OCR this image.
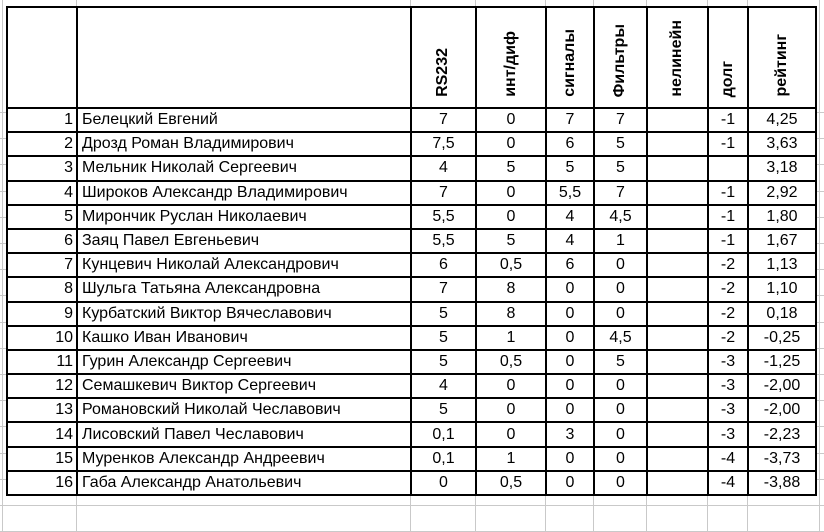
		RS232	инт/диф	сигналы	Фильтры	нелинейн	долг	рейтинг
1	Белецкий Евгений	7	0	7	7		-1	4,25
2	Дрозд Роман Владимирович	7,5	0	6	5		-1	3,63
3	Мельник Николай Сергеевич	4	5	5	5			3,18
4	Широков Александр Владимирович	7	0	5,5	7		-1	2,92
5	Мирончик Руслан Николаевич	5,5	0	4	4,5		-1	1,80
6	Заяц Павел Евгеньевич	5,5	5	4	1		-1	1,67
7	Кунцевич Николай Александрович	6	0,5	6	0		-2	1,13
8	Шульга Татьяна Александровна	7	8	0	0		-2	1,10
9	Курбатский Виктор Вячеславович	5	8	0	0		-2	0,18
10	Кашко Иван Иванович	5	1	0	4,5		-2	-0,25
11	Гурин Александр Сергеевич	5	0,5	0	5		-3	-1,25
12	Семашкевич Виктор Сергеевич	4	0	0	0		-3	-2,00
13	Романовский Николай Чеславович	5	0	0	0		-3	-2,00
14	Лисовский Павел Чеславович	0,1	0	3	0		-3	-2,23
15	Муренков Александр Андреевич	0,1	1	0	0		-4	-3,73
16	Габа Александр Анатольевич	0	0,5	0	0		-4	-3,88
